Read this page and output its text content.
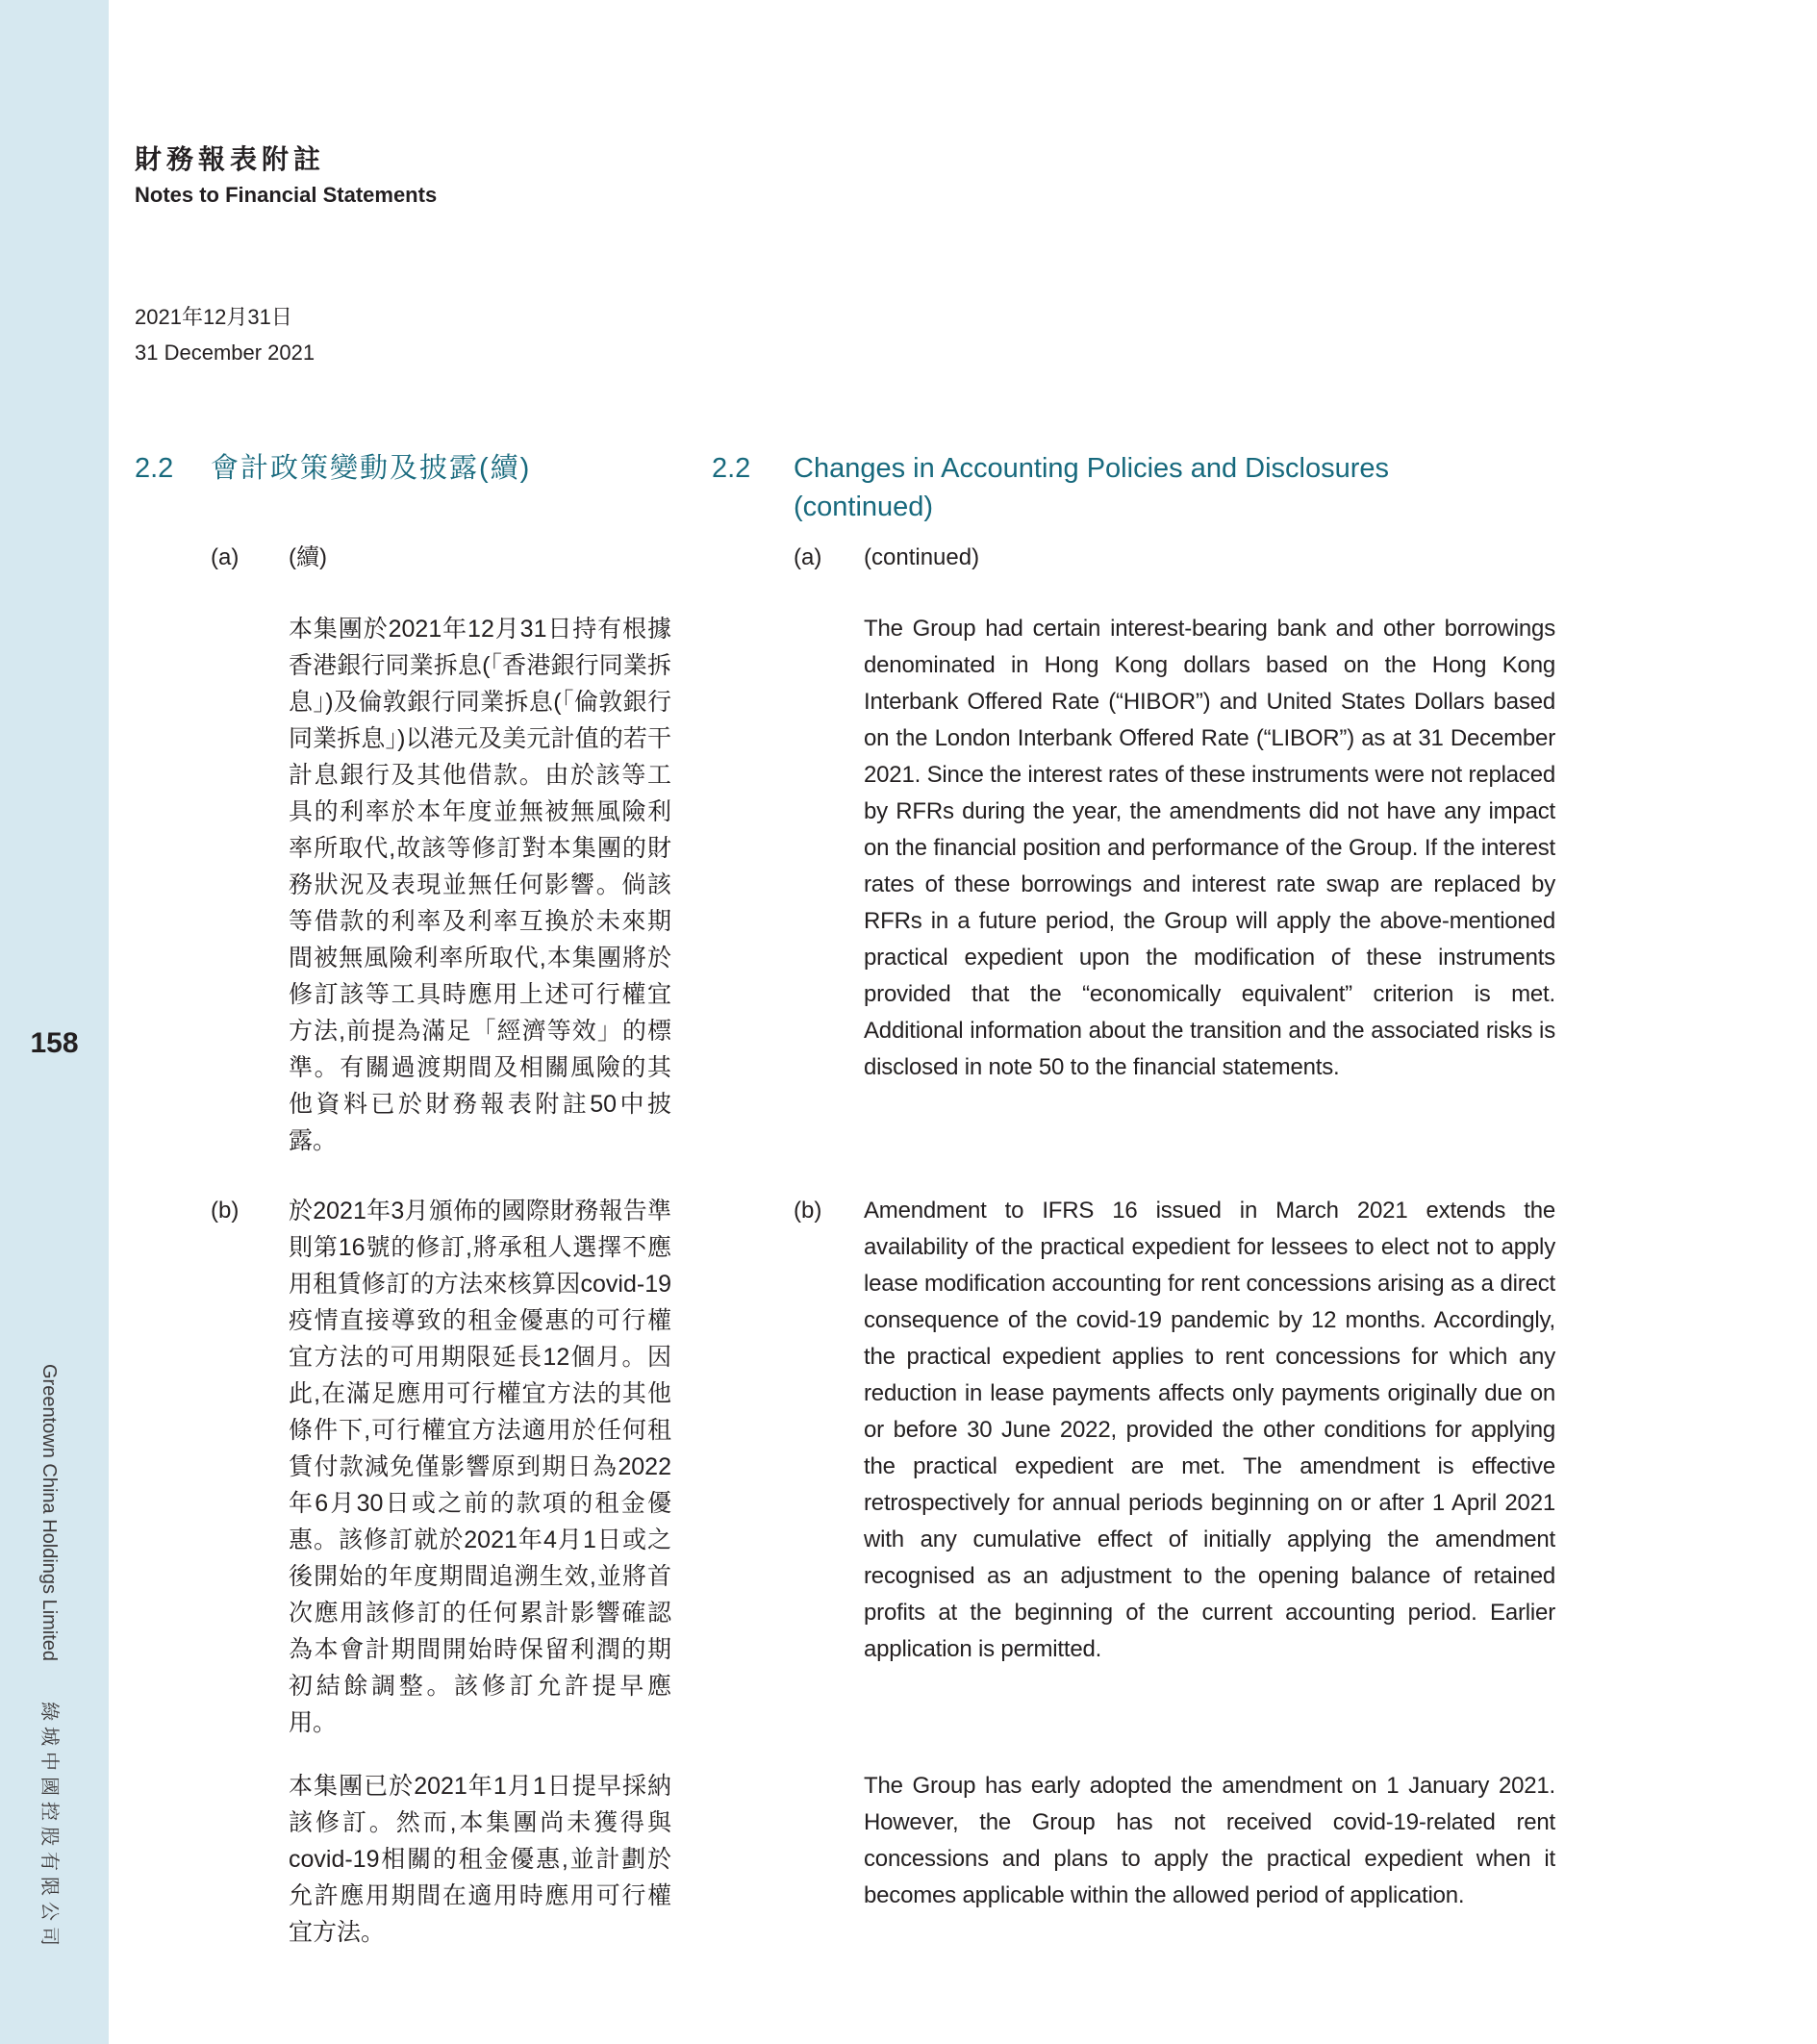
158
Greentown China Holdings Limited綠城中國控股有限公司
財務報表附註
Notes to Financial Statements
2021年12月31日
31 December 2021
2.2	會計政策變動及披露(續)	2.2	Changes in Accounting Policies and Disclosures (continued)
(a)	(續)	(a)	(continued)
本集團於2021年12月31日持有根據香港銀行同業拆息(「香港銀行同業拆息」)及倫敦銀行同業拆息(「倫敦銀行同業拆息」)以港元及美元計值的若干計息銀行及其他借款。由於該等工具的利率於本年度並無被無風險利率所取代,故該等修訂對本集團的財務狀況及表現並無任何影響。倘該等借款的利率及利率互換於未來期間被無風險利率所取代,本集團將於修訂該等工具時應用上述可行權宜方法,前提為滿足「經濟等效」的標準。有關過渡期間及相關風險的其他資料已於財務報表附註50中披露。
The Group had certain interest-bearing bank and other borrowings denominated in Hong Kong dollars based on the Hong Kong Interbank Offered Rate (“HIBOR”) and United States Dollars based on the London Interbank Offered Rate (“LIBOR”) as at 31 December 2021. Since the interest rates of these instruments were not replaced by RFRs during the year, the amendments did not have any impact on the financial position and performance of the Group. If the interest rates of these borrowings and interest rate swap are replaced by RFRs in a future period, the Group will apply the above-mentioned practical expedient upon the modification of these instruments provided that the “economically equivalent” criterion is met. Additional information about the transition and the associated risks is disclosed in note 50 to the financial statements.
(b)	於2021年3月頒佈的國際財務報告準則第16號的修訂,將承租人選擇不應用租賃修訂的方法來核算因covid-19疫情直接導致的租金優惠的可行權宜方法的可用期限延長12個月。因此,在滿足應用可行權宜方法的其他條件下,可行權宜方法適用於任何租賃付款減免僅影響原到期日為2022年6月30日或之前的款項的租金優惠。該修訂就於2021年4月1日或之後開始的年度期間追溯生效,並將首次應用該修訂的任何累計影響確認為本會計期間開始時保留利潤的期初結餘調整。該修訂允許提早應用。
(b)	Amendment to IFRS 16 issued in March 2021 extends the availability of the practical expedient for lessees to elect not to apply lease modification accounting for rent concessions arising as a direct consequence of the covid-19 pandemic by 12 months. Accordingly, the practical expedient applies to rent concessions for which any reduction in lease payments affects only payments originally due on or before 30 June 2022, provided the other conditions for applying the practical expedient are met. The amendment is effective retrospectively for annual periods beginning on or after 1 April 2021 with any cumulative effect of initially applying the amendment recognised as an adjustment to the opening balance of retained profits at the beginning of the current accounting period. Earlier application is permitted.
本集團已於2021年1月1日提早採納該修訂。然而,本集團尚未獲得與covid-19相關的租金優惠,並計劃於允許應用期間在適用時應用可行權宜方法。
The Group has early adopted the amendment on 1 January 2021. However, the Group has not received covid-19-related rent concessions and plans to apply the practical expedient when it becomes applicable within the allowed period of application.
